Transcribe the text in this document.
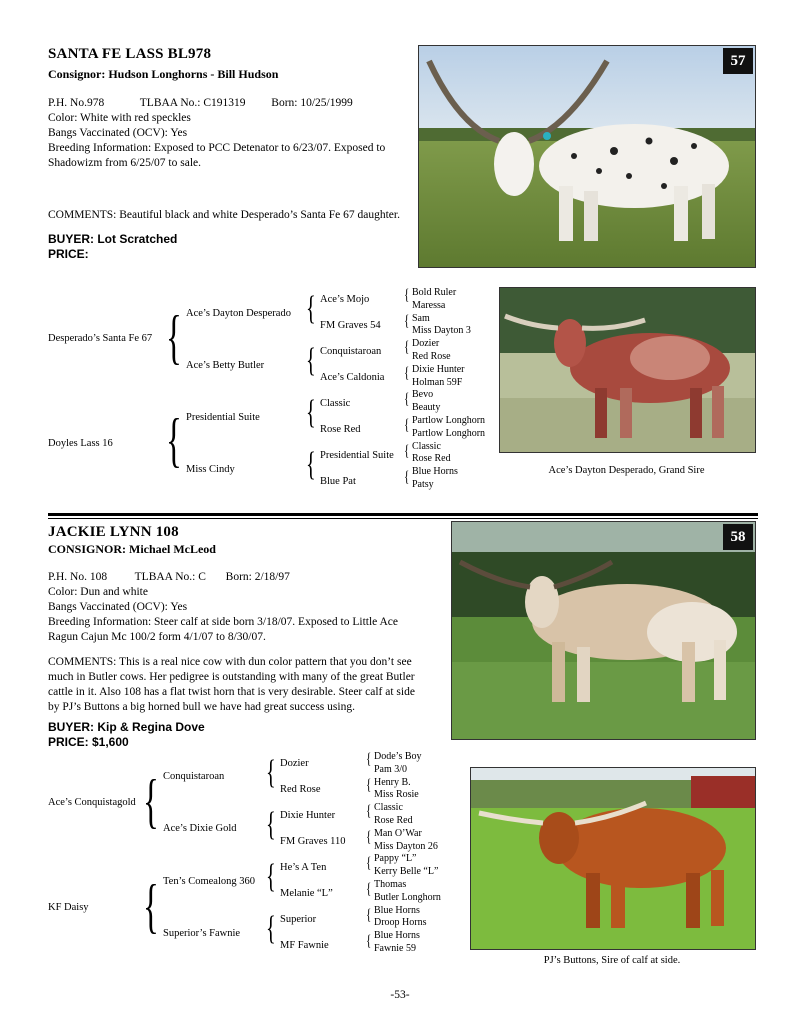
SANTA FE LASS BL978
Consignor: Hudson Longhorns - Bill Hudson
P.H. No.978	TLBAA No.: C191319 Born: 10/25/1999
Color: White with red speckles
Bangs Vaccinated (OCV): Yes
Breeding Information: Exposed to PCC Detenator to 6/23/07. Exposed to
Shadowizm from 6/25/07 to sale.
COMMENTS: Beautiful black and white Desperado’s Santa Fe 67 daughter.
BUYER: Lot Scratched
PRICE:
57
Desperado’s Santa Fe 67
Doyles Lass 16
{
{
Ace’s Dayton Desperado
Ace’s Betty Butler
Presidential Suite
Miss Cindy
{
{
{
{
Ace’s Mojo
FM Graves 54
Conquistaroan
Ace’s Caldonia
Classic
Rose Red
Presidential Suite
Blue Pat
{
{
{
{
{
{
{
{
Bold Ruler
Maressa
Sam
Miss Dayton 3
Dozier
Red Rose
Dixie Hunter
Holman 59F
Bevo
Beauty
Partlow Longhorn
Partlow Longhorn
Classic
Rose Red
Blue Horns
Patsy
Ace’s Dayton Desperado, Grand Sire
JACKIE LYNN 108
CONSIGNOR: Michael McLeod
P.H. No. 108 TLBAA No.: C Born: 2/18/97
Color: Dun and white
Bangs Vaccinated (OCV): Yes
Breeding Information: Steer calf at side born 3/18/07. Exposed to Little Ace
Ragun Cajun Mc 100/2 form 4/1/07 to 8/30/07.
COMMENTS: This is a real nice cow with dun color pattern that you don’t see
much in Butler cows. Her pedigree is outstanding with many of the great Butler
cattle in it. Also 108 has a flat twist horn that is very desirable. Steer calf at side
by PJ’s Buttons a big horned bull we have had great success using.
BUYER: Kip & Regina Dove
PRICE: $1,600
58
Ace’s Conquistagold
KF Daisy
{
{
Conquistaroan
Ace’s Dixie Gold
Ten’s Comealong 360
Superior’s Fawnie
{
{
{
{
Dozier
Red Rose
Dixie Hunter
FM Graves 110
He’s A Ten
Melanie “L”
Superior
MF Fawnie
{
{
{
{
{
{
{
{
Dode’s Boy
Pam 3/0
Henry B.
Miss Rosie
Classic
Rose Red
Man O’War
Miss Dayton 26
Pappy “L”
Kerry Belle “L”
Thomas
Butler Longhorn
Blue Horns
Droop Horns
Blue Horns
Fawnie 59
PJ’s Buttons, Sire of calf at side.
-53-
